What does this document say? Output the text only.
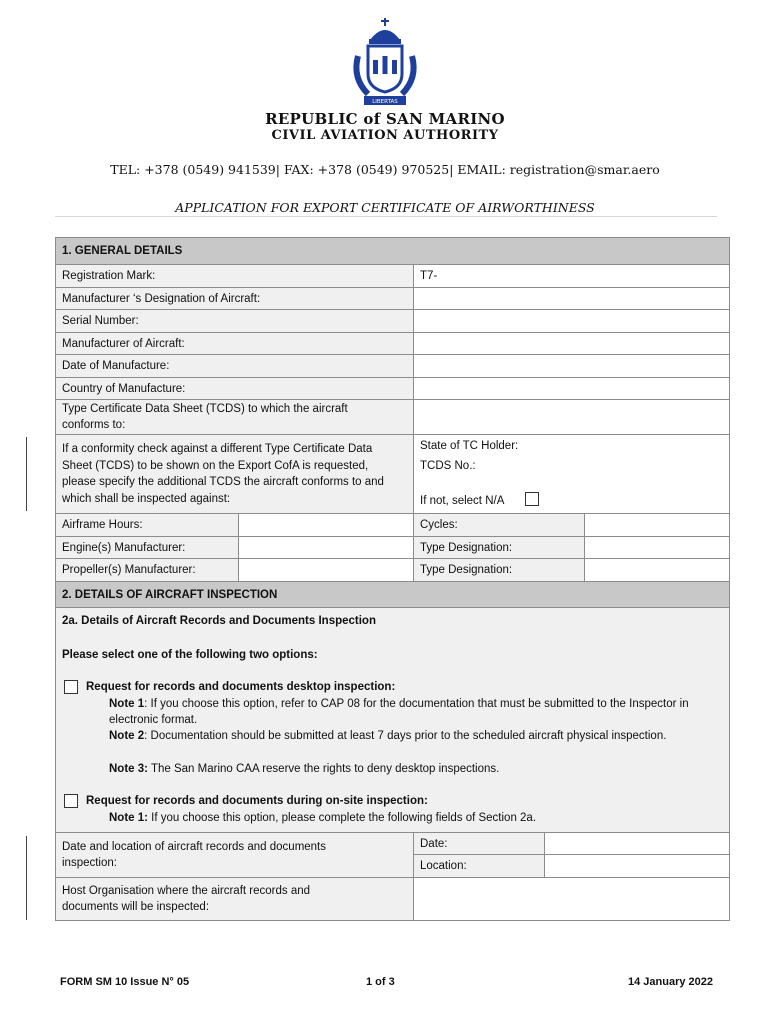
LIBERTAS
REPUBLIC of SAN MARINO
CIVIL AVIATION AUTHORITY
TEL: +378 (0549) 941539| FAX: +378 (0549) 970525| EMAIL: registration@smar.aero
APPLICATION FOR EXPORT CERTIFICATE OF AIRWORTHINESS
1. GENERAL DETAILS
Registration Mark:	T7-
Manufacturer ‘s Designation of Aircraft:
Serial Number:
Manufacturer of Aircraft:
Date of Manufacture:
Country of Manufacture:
Type Certificate Data Sheet (TCDS) to which the aircraft conforms to:
If a conformity check against a different Type Certificate Data Sheet (TCDS) to be shown on the Export CofA is requested, please specify the additional TCDS the aircraft conforms to and which shall be inspected against:
State of TC Holder:
TCDS No.:
If not, select N/A
Airframe Hours:	Cycles:
Engine(s) Manufacturer:	Type Designation:
Propeller(s) Manufacturer:	Type Designation:
2. DETAILS OF AIRCRAFT INSPECTION
2a. Details of Aircraft Records and Documents Inspection
Please select one of the following two options:
Request for records and documents desktop inspection:
Note 1: If you choose this option, refer to CAP 08 for the documentation that must be submitted to the Inspector in electronic format.
Note 2: Documentation should be submitted at least 7 days prior to the scheduled aircraft physical inspection.
Note 3: The San Marino CAA reserve the rights to deny desktop inspections.
Request for records and documents during on-site inspection:
Note 1: If you choose this option, please complete the following fields of Section 2a.
Date and location of aircraft records and documents inspection:
Date:
Location:
Host Organisation where the aircraft records and documents will be inspected:
FORM SM 10 Issue N° 05	1 of 3	14 January 2022
